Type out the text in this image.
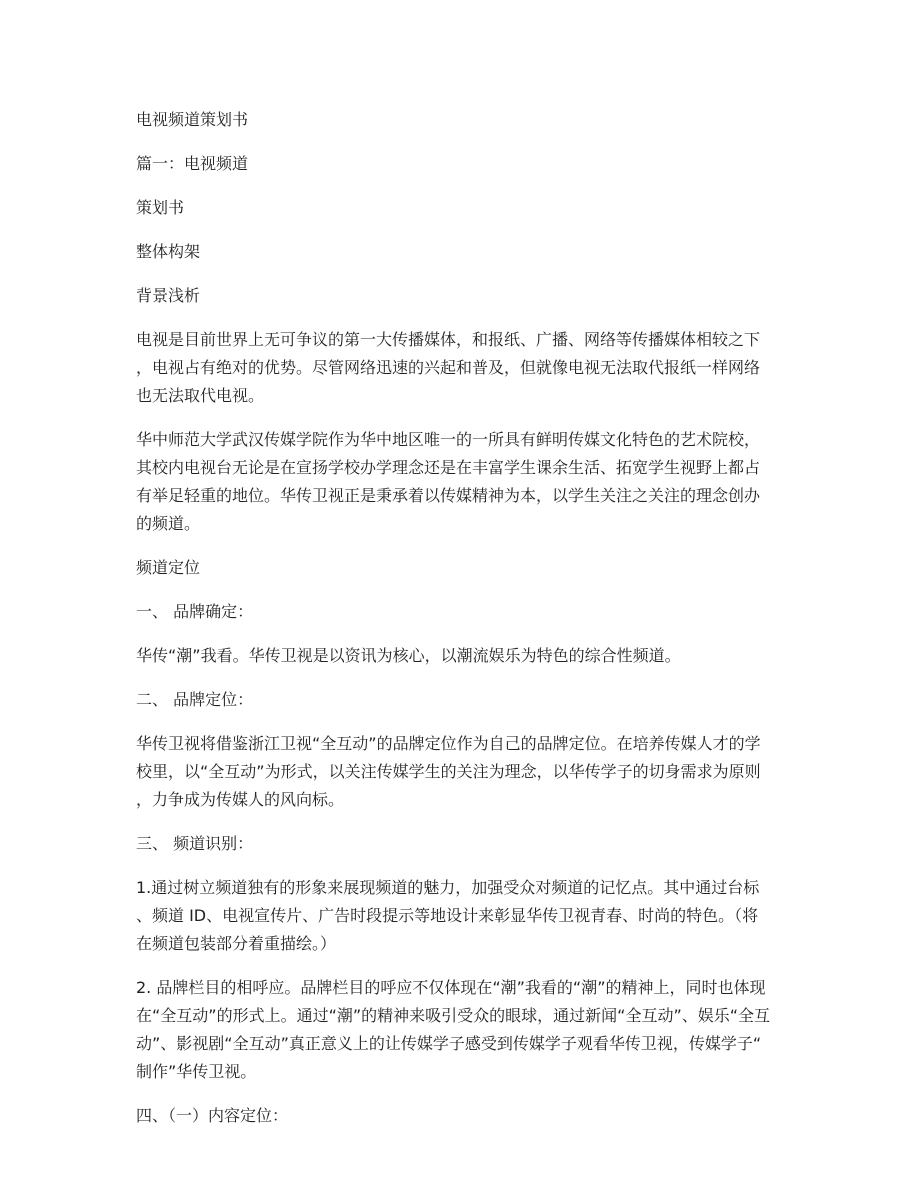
电视频道策划书
篇一：电视频道
策划书
整体构架
背景浅析
电视是目前世界上无可争议的第一大传播媒体，和报纸、广播、网络等传播媒体相较之下
，电视占有绝对的优势。尽管网络迅速的兴起和普及，但就像电视无法取代报纸一样网络
也无法取代电视。
华中师范大学武汉传媒学院作为华中地区唯一的一所具有鲜明传媒文化特色的艺术院校，
其校内电视台无论是在宣扬学校办学理念还是在丰富学生课余生活、拓宽学生视野上都占
有举足轻重的地位。华传卫视正是秉承着以传媒精神为本，以学生关注之关注的理念创办
的频道。
频道定位
一、 品牌确定：
华传“潮”我看。华传卫视是以资讯为核心，以潮流娱乐为特色的综合性频道。
二、 品牌定位：
华传卫视将借鉴浙江卫视“全互动”的品牌定位作为自己的品牌定位。在培养传媒人才的学
校里，以“全互动”为形式，以关注传媒学生的关注为理念，以华传学子的切身需求为原则
，力争成为传媒人的风向标。
三、 频道识别：
1.通过树立频道独有的形象来展现频道的魅力，加强受众对频道的记忆点。其中通过台标
、频道 ID、电视宣传片、广告时段提示等地设计来彰显华传卫视青春、时尚的特色。（将
在频道包装部分着重描绘。）
2. 品牌栏目的相呼应。品牌栏目的呼应不仅体现在“潮”我看的“潮”的精神上，同时也体现
在“全互动”的形式上。通过“潮”的精神来吸引受众的眼球，通过新闻“全互动”、娱乐“全互
动”、影视剧“全互动”真正意义上的让传媒学子感受到传媒学子观看华传卫视，传媒学子“
制作”华传卫视。
四、（一）内容定位：
